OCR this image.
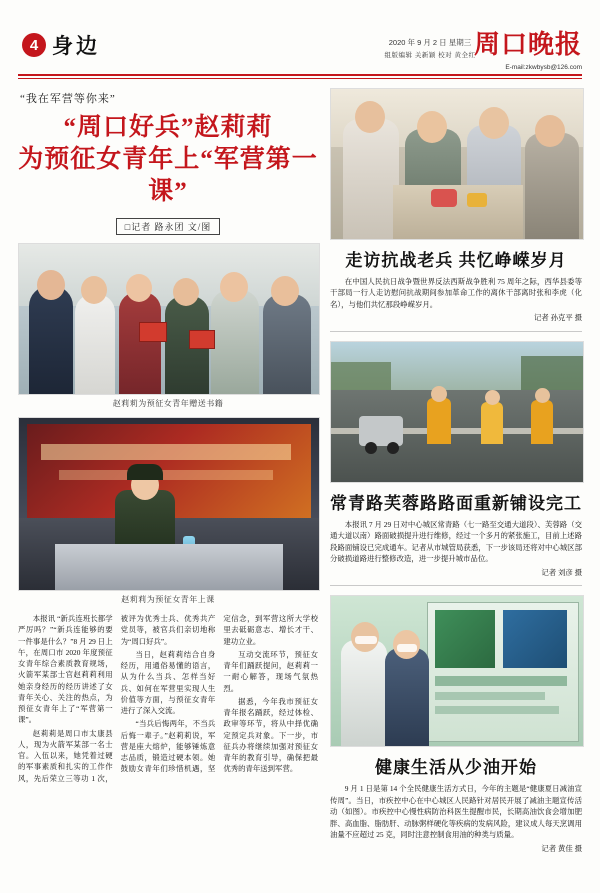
4 身边	2020 年 9 月 2 日 星期三
组版编辑 关新颖 校对 黄全红
周口晚报
E-mail:zkwbysb@126.com
“我在军营等你来”
“周口好兵”赵莉莉
为预征女青年上“军营第一课”
□记者 路永团 文/图
赵莉莉为预征女青年赠送书籍
赵莉莉为预征女青年上课

本报讯 “新兵连班长都学严厉吗？”“新兵连能够的要一件事是什么？”8 月 29 日上午，在周口市 2020 年度预征女青年综合素质教育规场，火箭军某部士官赵莉莉利用她亲身经历的经历讲述了女青年关心、关注的热点，为预征女青年上了“军营第一课”。

赵莉莉是周口市太康县人，现为火箭军某部一名士官。入伍以来，她凭着过硬的军事素质和扎实的工作作风，先后荣立三等功 1 次，被评为优秀士兵、优秀共产党员等，被官兵们亲切地称为“周口好兵”。

当日，赵莉莉结合自身经历，用通俗易懂的语言，从为什么当兵、怎样当好兵、如何在军营里实现人生价值等方面，与预征女青年进行了深入交流。

“当兵后悔两年，不当兵后悔一辈子。”赵莉莉说，军营是座大熔炉，能够锤炼意志品质，锻造过硬本领。她鼓励女青年们珍惜机遇，坚定信念，到军营这所大学校里去砥砺意志、增长才干、建功立业。

互动交流环节，预征女青年们踊跃提问，赵莉莉一一耐心解答，现场气氛热烈。

据悉，今年我市预征女青年报名踊跃，经过体检、政审等环节，将从中择优确定预定兵对象。下一步，市征兵办将继续加强对预征女青年的教育引导，确保把最优秀的青年送到军营。

走访抗战老兵 共忆峥嵘岁月

在中国人民抗日战争暨世界反法西斯战争胜利 75 周年之际，西华县委等干部局一行人走访慰问抗战期间参加革命工作的离休干部离时张和李虎（化名），与他们共忆那段峥嵘岁月。

记者 孙克平 摄

常青路芙蓉路路面重新铺设完工

本报讯 7 月 29 日对中心城区常青路（七一路至交通大道段）、芙蓉路（交通大道以南）路面破损提升进行维修，经过一个多月的紧张施工，目前上述路段路面铺设已完成通车。记者从市城管局获悉，下一步该局还将对中心城区部分破损道路进行整修改造，进一步提升城市品位。

记者 刘彦 摄

健康生活从少油开始

9 月 1 日是第 14 个全民健康生活方式日，今年的主题是“健康夏日减油宣传周”。当日，市疾控中心在中心城区人民路针对居民开展了减油主题宣传活动（如图）。市疾控中心慢性病防治科医生提醒市民，长期高油饮食会增加肥胖、高血脂、脂肪肝、动脉粥样硬化等疾病的发病风险，建议成人每天烹调用油量不应超过 25 克，同时注意控制食用油的种类与质量。

记者 黄佳 摄
